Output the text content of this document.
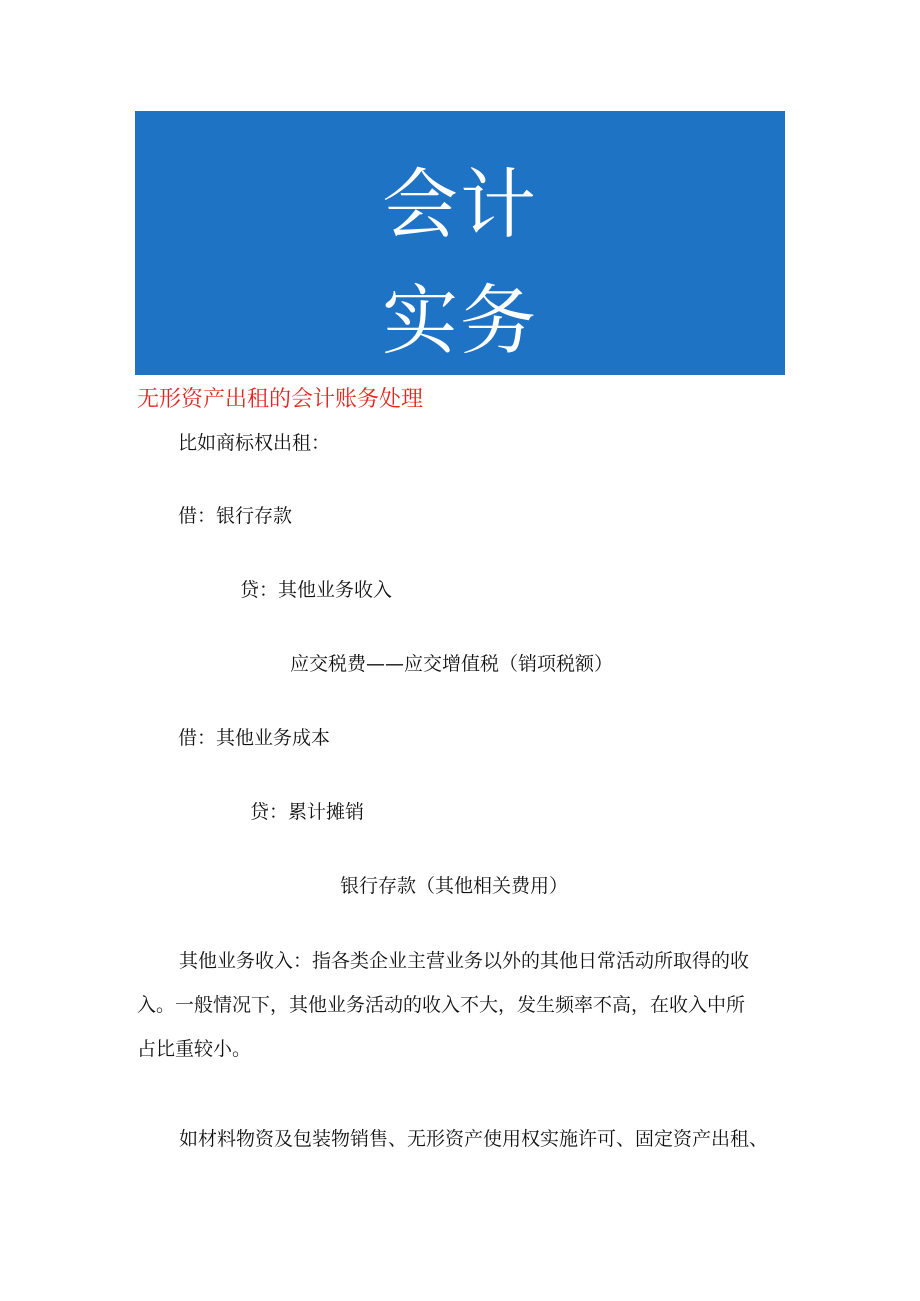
会计
实务
无形资产出租的会计账务处理
比如商标权出租：
借：银行存款
贷：其他业务收入
应交税费——应交增值税（销项税额）
借：其他业务成本
贷：累计摊销
银行存款（其他相关费用）
其他业务收入：指各类企业主营业务以外的其他日常活动所取得的收
入。一般情况下，其他业务活动的收入不大，发生频率不高，在收入中所
占比重较小。
如材料物资及包装物销售、无形资产使用权实施许可、固定资产出租、
